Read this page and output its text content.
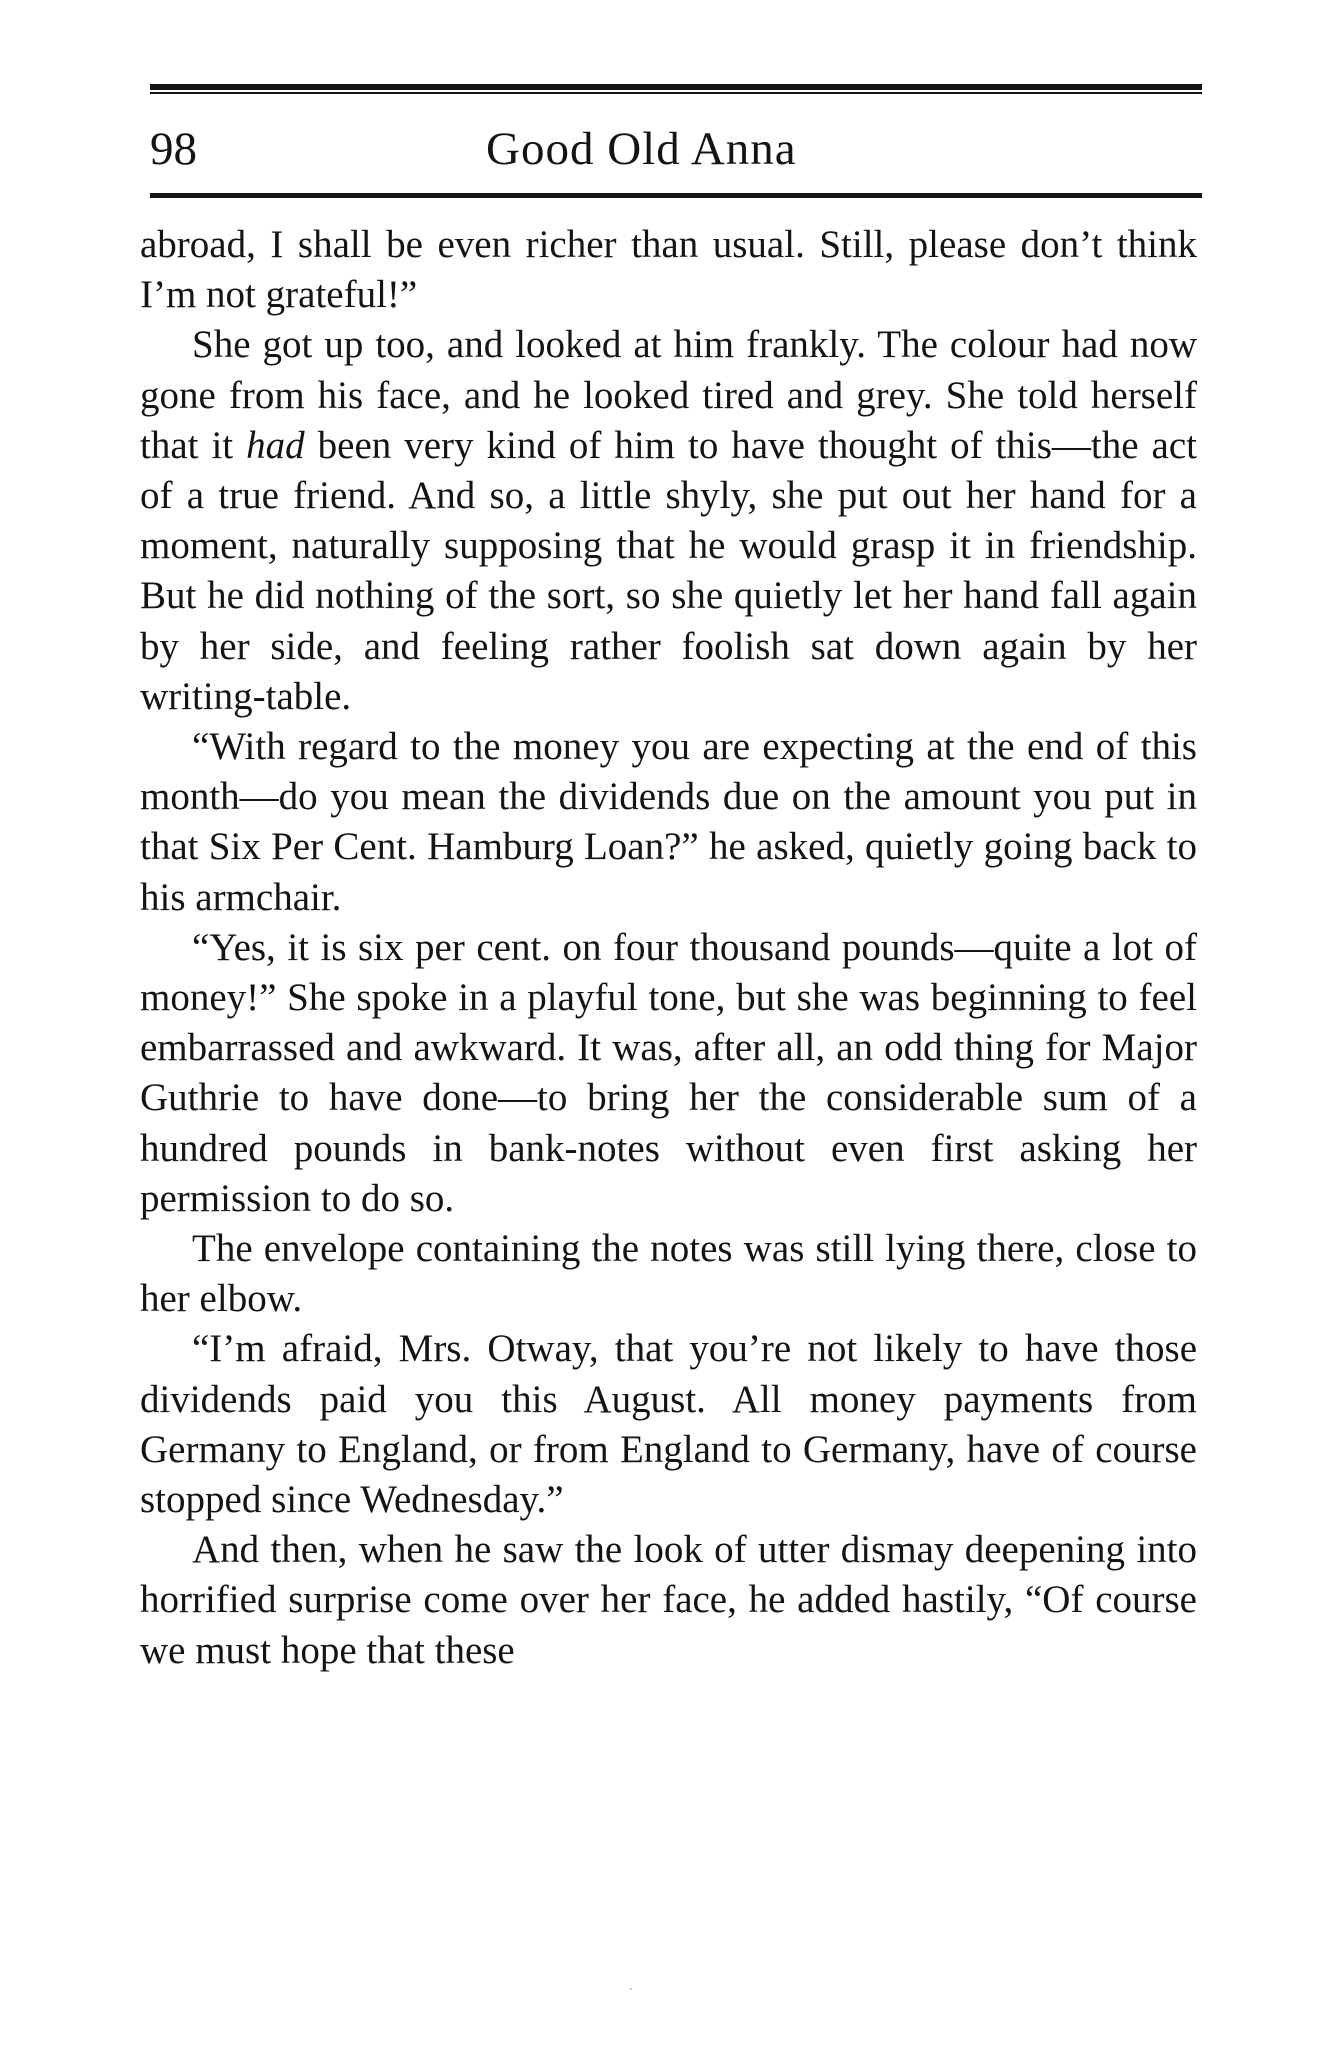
98	Good Old Anna

abroad, I shall be even richer than usual. Still, please don’t think I’m not grateful!”

She got up too, and looked at him frankly. The colour had now gone from his face, and he looked tired and grey. She told herself that it had been very kind of him to have thought of this—the act of a true friend. And so, a little shyly, she put out her hand for a moment, naturally supposing that he would grasp it in friendship. But he did nothing of the sort, so she quietly let her hand fall again by her side, and feeling rather foolish sat down again by her writing-table.

“With regard to the money you are expecting at the end of this month—do you mean the dividends due on the amount you put in that Six Per Cent. Hamburg Loan?” he asked, quietly going back to his armchair.

“Yes, it is six per cent. on four thousand pounds—quite a lot of money!” She spoke in a playful tone, but she was beginning to feel embarrassed and awkward. It was, after all, an odd thing for Major Guthrie to have done—to bring her the considerable sum of a hundred pounds in bank-notes without even first asking her permission to do so.

The envelope containing the notes was still lying there, close to her elbow.

“I’m afraid, Mrs. Otway, that you’re not likely to have those dividends paid you this August. All money payments from Germany to England, or from England to Germany, have of course stopped since Wednesday.”

And then, when he saw the look of utter dismay deepening into horrified surprise come over her face, he added hastily, “Of course we must hope that these
